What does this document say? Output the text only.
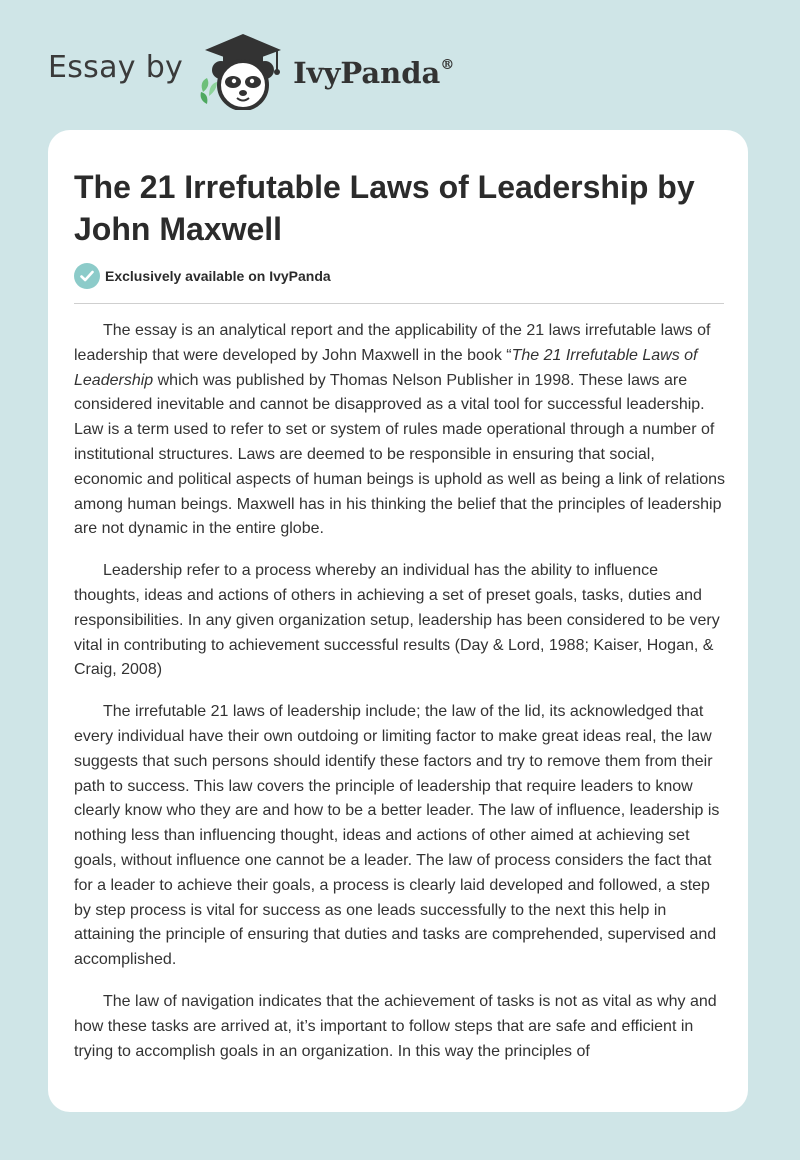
Essay by	IvyPanda®
The 21 Irrefutable Laws of Leadership by John Maxwell
Exclusively available on IvyPanda

The essay is an analytical report and the applicability of the 21 laws irrefutable laws of leadership that were developed by John Maxwell in the book “The 21 Irrefutable Laws of Leadership which was published by Thomas Nelson Publisher in 1998. These laws are considered inevitable and cannot be disapproved as a vital tool for successful leadership. Law is a term used to refer to set or system of rules made operational through a number of institutional structures. Laws are deemed to be responsible in ensuring that social, economic and political aspects of human beings is uphold as well as being a link of relations among human beings. Maxwell has in his thinking the belief that the principles of leadership are not dynamic in the entire globe.

Leadership refer to a process whereby an individual has the ability to influence thoughts, ideas and actions of others in achieving a set of preset goals, tasks, duties and responsibilities. In any given organization setup, leadership has been considered to be very vital in contributing to achievement successful results (Day & Lord, 1988; Kaiser, Hogan, & Craig, 2008)

The irrefutable 21 laws of leadership include; the law of the lid, its acknowledged that every individual have their own outdoing or limiting factor to make great ideas real, the law suggests that such persons should identify these factors and try to remove them from their path to success. This law covers the principle of leadership that require leaders to know clearly know who they are and how to be a better leader. The law of influence, leadership is nothing less than influencing thought, ideas and actions of other aimed at achieving set goals, without influence one cannot be a leader. The law of process considers the fact that for a leader to achieve their goals, a process is clearly laid developed and followed, a step by step process is vital for success as one leads successfully to the next this help in attaining the principle of ensuring that duties and tasks are comprehended, supervised and accomplished.

The law of navigation indicates that the achievement of tasks is not as vital as why and how these tasks are arrived at, it’s important to follow steps that are safe and efficient in trying to accomplish goals in an organization. In this way the principles of
